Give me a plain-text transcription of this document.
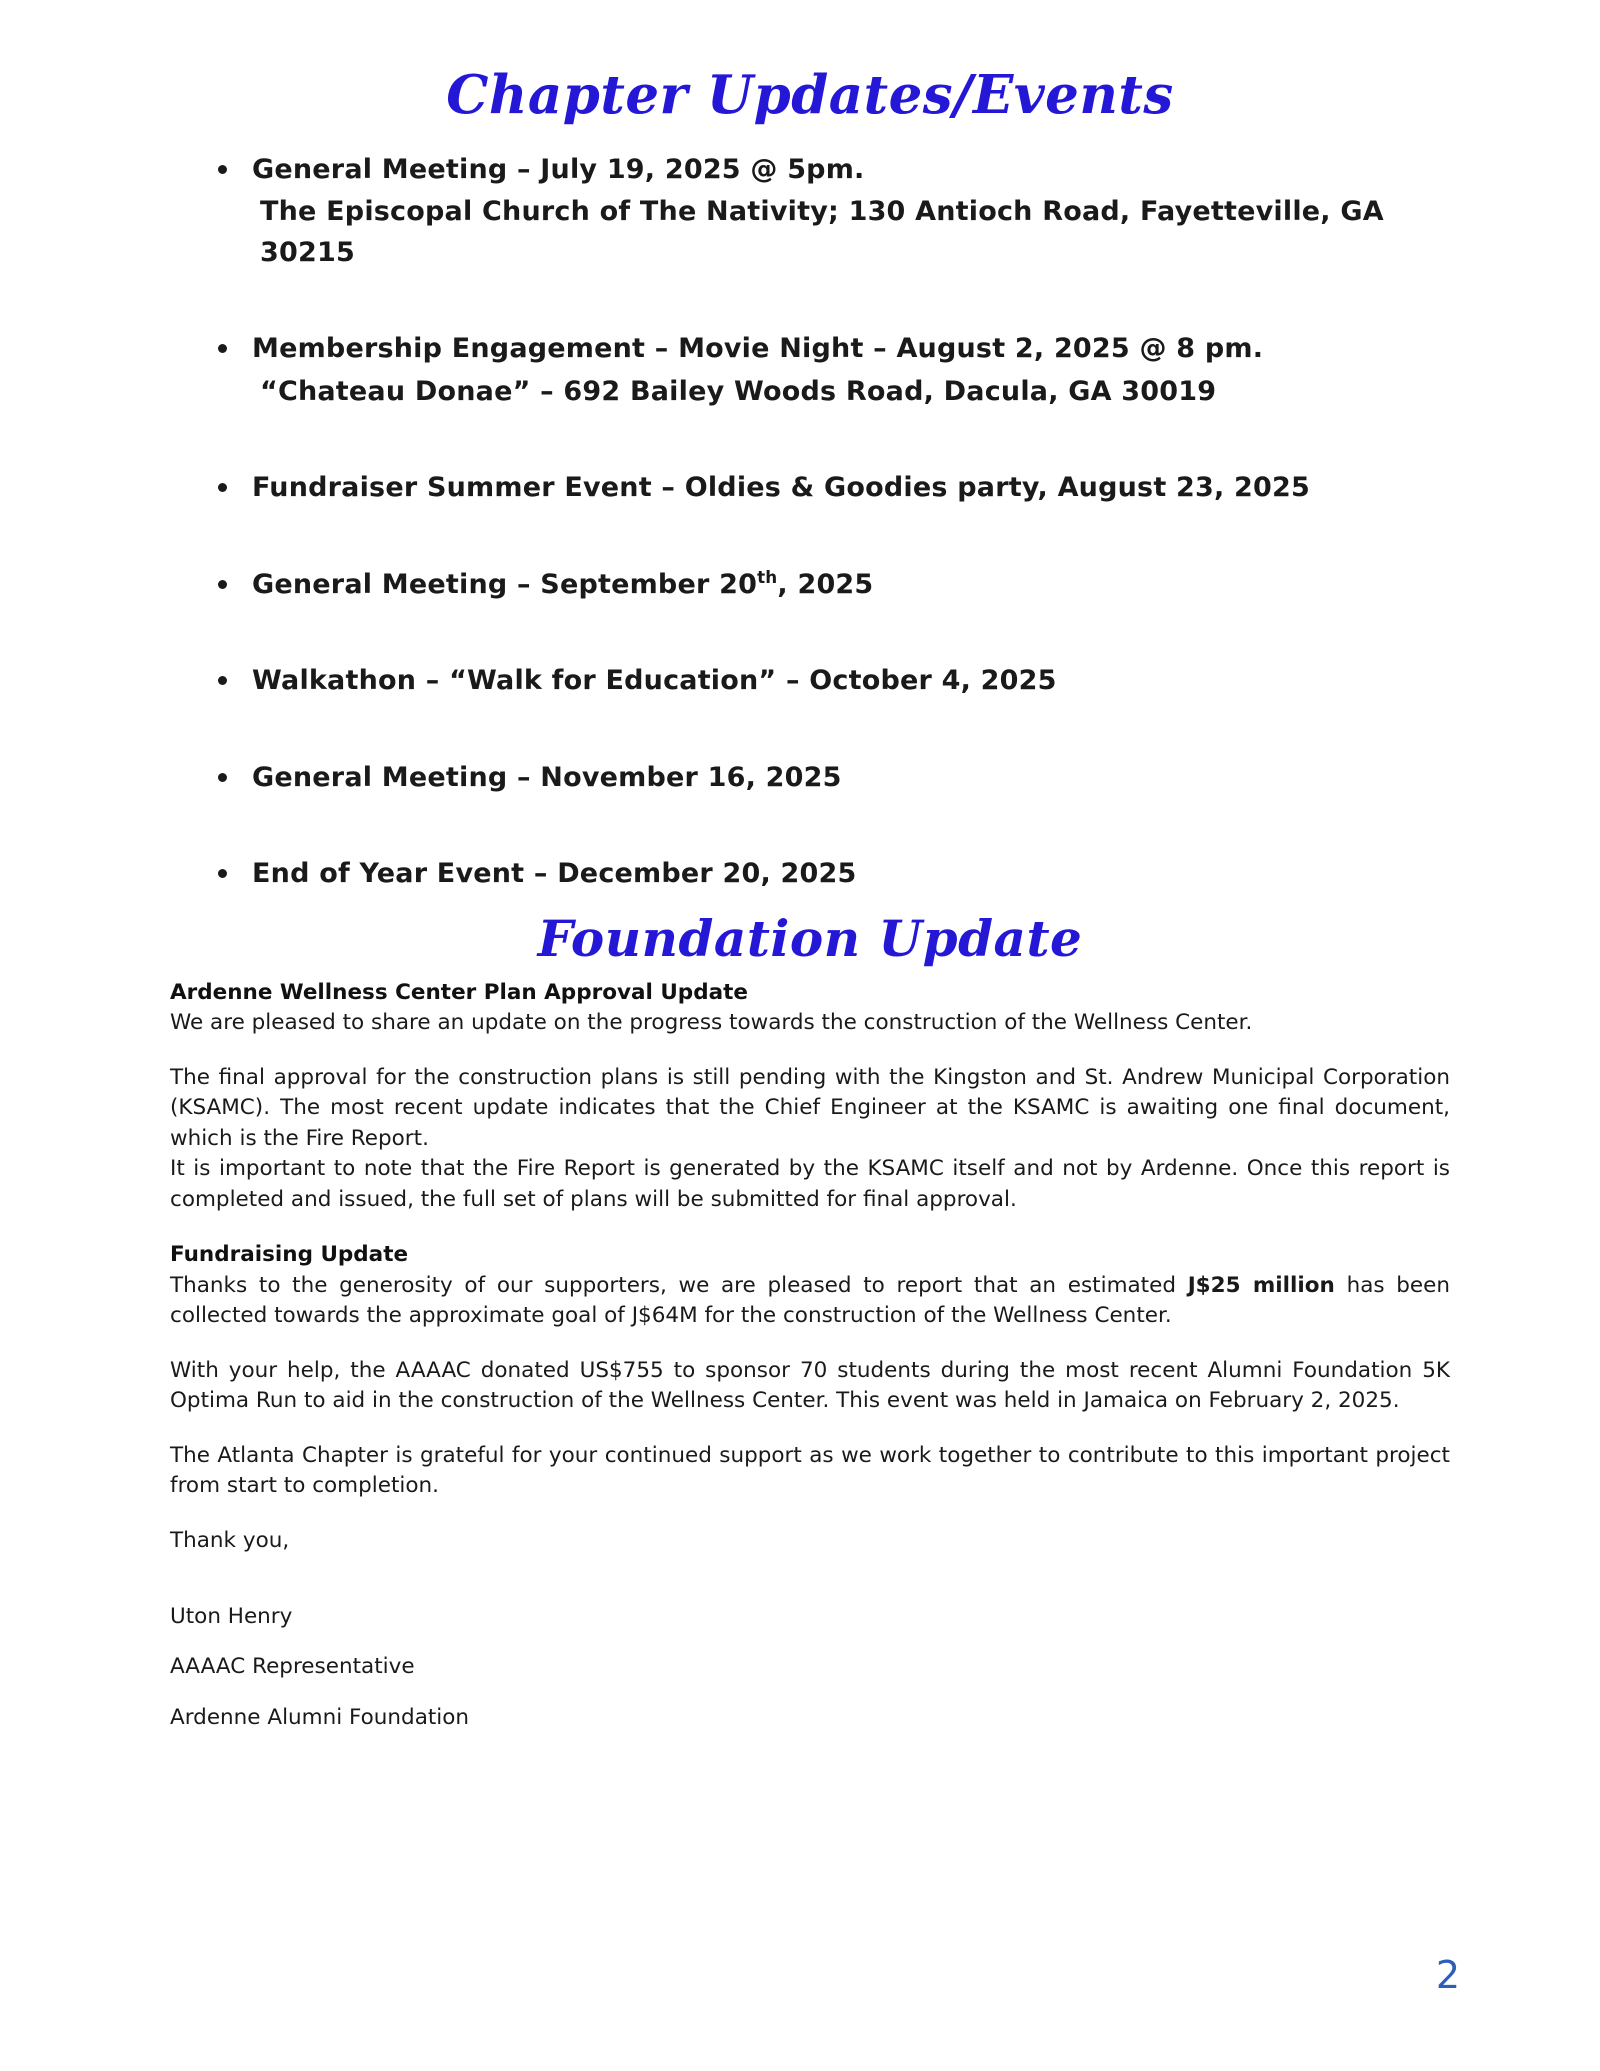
Chapter Updates/Events
General Meeting – July 19, 2025 @ 5pm.
The Episcopal Church of The Nativity; 130 Antioch Road, Fayetteville, GA 30215
Membership Engagement – Movie Night – August 2, 2025 @ 8 pm.
“Chateau Donae” – 692 Bailey Woods Road, Dacula, GA 30019
Fundraiser Summer Event – Oldies & Goodies party, August 23, 2025
General Meeting – September 20th, 2025
Walkathon – “Walk for Education” – October 4, 2025
General Meeting – November 16, 2025
End of Year Event – December 20, 2025
Foundation Update

Ardenne Wellness Center Plan Approval Update

We are pleased to share an update on the progress towards the construction of the Wellness Center.

The final approval for the construction plans is still pending with the Kingston and St. Andrew Municipal Corporation (KSAMC). The most recent update indicates that the Chief Engineer at the KSAMC is awaiting one final document, which is the Fire Report.

It is important to note that the Fire Report is generated by the KSAMC itself and not by Ardenne. Once this report is completed and issued, the full set of plans will be submitted for final approval.

Fundraising Update

Thanks to the generosity of our supporters, we are pleased to report that an estimated J$25 million has been collected towards the approximate goal of J$64M for the construction of the Wellness Center.

With your help, the AAAAC donated US$755 to sponsor 70 students during the most recent Alumni Foundation 5K Optima Run to aid in the construction of the Wellness Center. This event was held in Jamaica on February 2, 2025.

The Atlanta Chapter is grateful for your continued support as we work together to contribute to this important project from start to completion.

Thank you,

Uton Henry

AAAAC Representative

Ardenne Alumni Foundation

2
